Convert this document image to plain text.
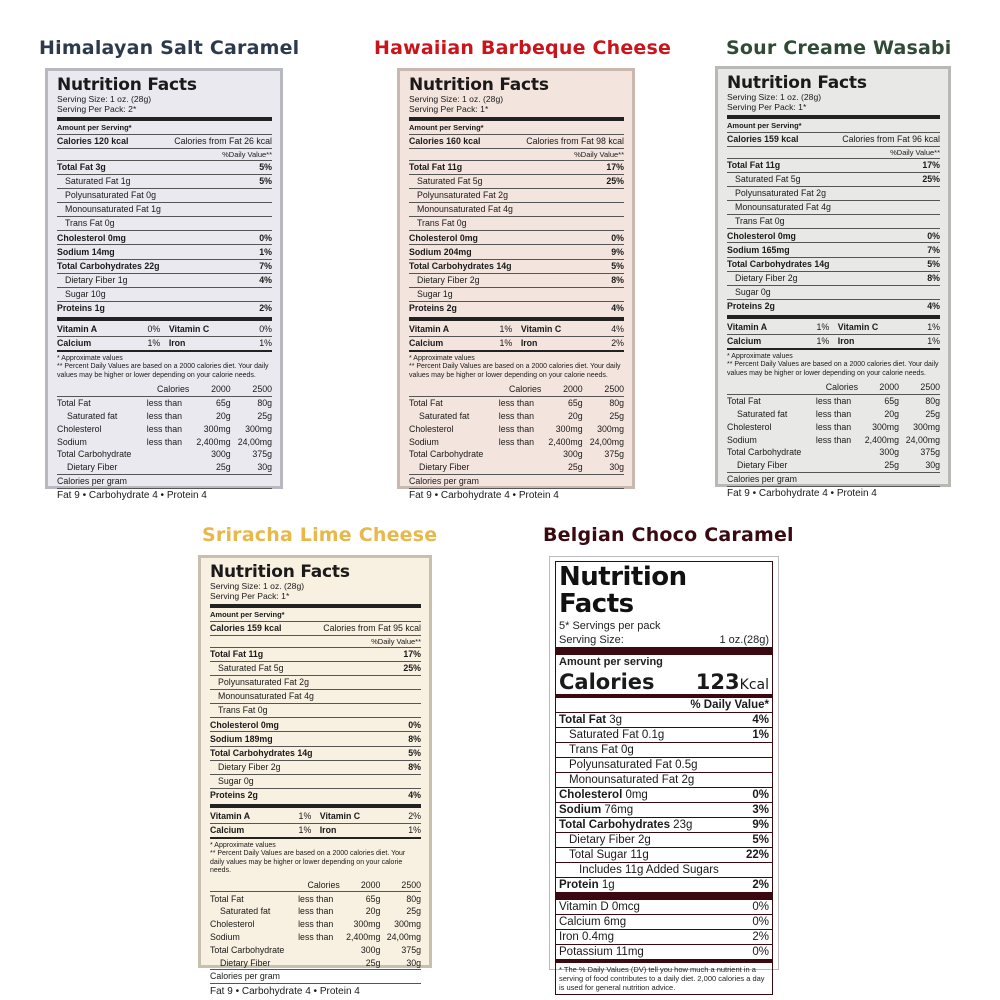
Himalayan Salt Caramel	Hawaiian Barbeque Cheese	Sour Creame Wasabi
Sriracha Lime Cheese	Belgian Choco Caramel
Nutrition Facts
Serving Size: 1 oz. (28g)
Serving Per Pack: 2*
Amount per Serving*
Calories 120 kcal	Calories from Fat 26 kcal
%Daily Value**
Total Fat 3g	5%
Saturated Fat 1g	5%
Polyunsaturated Fat 0g
Monounsaturated Fat 1g
Trans Fat 0g
Cholesterol 0mg	0%
Sodium 14mg	1%
Total Carbohydrates 22g	7%
Dietary Fiber 1g	4%
Sugar 10g
Proteins 1g	2%
Vitamin A	0% Vitamin C	0%
Calcium	1% Iron	1%
* Approximate values
** Percent Daily Values are based on a 2000 calories diet. Your daily values may be higher or lower depending on your calorie needs.
	Calories	2000	2500
Total Fat	less than	65g	80g
Saturated fat	less than	20g	25g
Cholesterol	less than	300mg	300mg
Sodium	less than	2,400mg	24,00mg
Total Carbohydrate		300g	375g
Dietary Fiber		25g	30g
Calories per gram
Fat 9 • Carbohydrate 4 • Protein 4
Nutrition Facts
Serving Size: 1 oz. (28g)
Serving Per Pack: 1*
Amount per Serving*
Calories 160 kcal	Calories from Fat 98 kcal
%Daily Value**
Total Fat 11g	17%
Saturated Fat 5g	25%
Polyunsaturated Fat 2g
Monounsaturated Fat 4g
Trans Fat 0g
Cholesterol 0mg	0%
Sodium 204mg	9%
Total Carbohydrates 14g	5%
Dietary Fiber 2g	8%
Sugar 1g
Proteins 2g	4%
Vitamin A	1% Vitamin C	4%
Calcium	1% Iron	2%
* Approximate values
** Percent Daily Values are based on a 2000 calories diet. Your daily values may be higher or lower depending on your calorie needs.
	Calories	2000	2500
Total Fat	less than	65g	80g
Saturated fat	less than	20g	25g
Cholesterol	less than	300mg	300mg
Sodium	less than	2,400mg	24,00mg
Total Carbohydrate		300g	375g
Dietary Fiber		25g	30g
Calories per gram
Fat 9 • Carbohydrate 4 • Protein 4
Nutrition Facts
Serving Size: 1 oz. (28g)
Serving Per Pack: 1*
Amount per Serving*
Calories 159 kcal	Calories from Fat 96 kcal
%Daily Value**
Total Fat 11g	17%
Saturated Fat 5g	25%
Polyunsaturated Fat 2g
Monounsaturated Fat 4g
Trans Fat 0g
Cholesterol 0mg	0%
Sodium 165mg	7%
Total Carbohydrates 14g	5%
Dietary Fiber 2g	8%
Sugar 0g
Proteins 2g	4%
Vitamin A	1% Vitamin C	1%
Calcium	1% Iron	1%
* Approximate values
** Percent Daily Values are based on a 2000 calories diet. Your daily values may be higher or lower depending on your calorie needs.
	Calories	2000	2500
Total Fat	less than	65g	80g
Saturated fat	less than	20g	25g
Cholesterol	less than	300mg	300mg
Sodium	less than	2,400mg	24,00mg
Total Carbohydrate		300g	375g
Dietary Fiber		25g	30g
Calories per gram
Fat 9 • Carbohydrate 4 • Protein 4
Nutrition Facts
Serving Size: 1 oz. (28g)
Serving Per Pack: 1*
Amount per Serving*
Calories 159 kcal	Calories from Fat 95 kcal
%Daily Value**
Total Fat 11g	17%
Saturated Fat 5g	25%
Polyunsaturated Fat 2g
Monounsaturated Fat 4g
Trans Fat 0g
Cholesterol 0mg	0%
Sodium 189mg	8%
Total Carbohydrates 14g	5%
Dietary Fiber 2g	8%
Sugar 0g
Proteins 2g	4%
Vitamin A	1% Vitamin C	2%
Calcium	1% Iron	1%
* Approximate values
** Percent Daily Values are based on a 2000 calories diet. Your daily values may be higher or lower depending on your calorie needs.
	Calories	2000	2500
Total Fat	less than	65g	80g
Saturated fat	less than	20g	25g
Cholesterol	less than	300mg	300mg
Sodium	less than	2,400mg	24,00mg
Total Carbohydrate		300g	375g
Dietary Fiber		25g	30g
Calories per gram
Fat 9 • Carbohydrate 4 • Protein 4
Nutrition Facts
5* Servings per pack
Serving Size:	1 oz.(28g)
Amount per serving
Calories 123Kcal
% Daily Value*
Total Fat 3g	4%
Saturated Fat 0.1g	1%
Trans Fat 0g
Polyunsaturated Fat 0.5g
Monounsaturated Fat 2g
Cholesterol 0mg	0%
Sodium 76mg	3%
Total Carbohydrates 23g	9%
Dietary Fiber 2g	5%
Total Sugar 11g	22%
Includes 11g Added Sugars
Protein 1g	2%
Vitamin D 0mcg	0%
Calcium 6mg	0%
Iron 0.4mg	2%
Potassium 11mg	0%
* The % Daily Values (DV) tell you how much a nutrient in a serving of food contributes to a daily diet. 2,000 calories a day is used for general nutrition advice.
